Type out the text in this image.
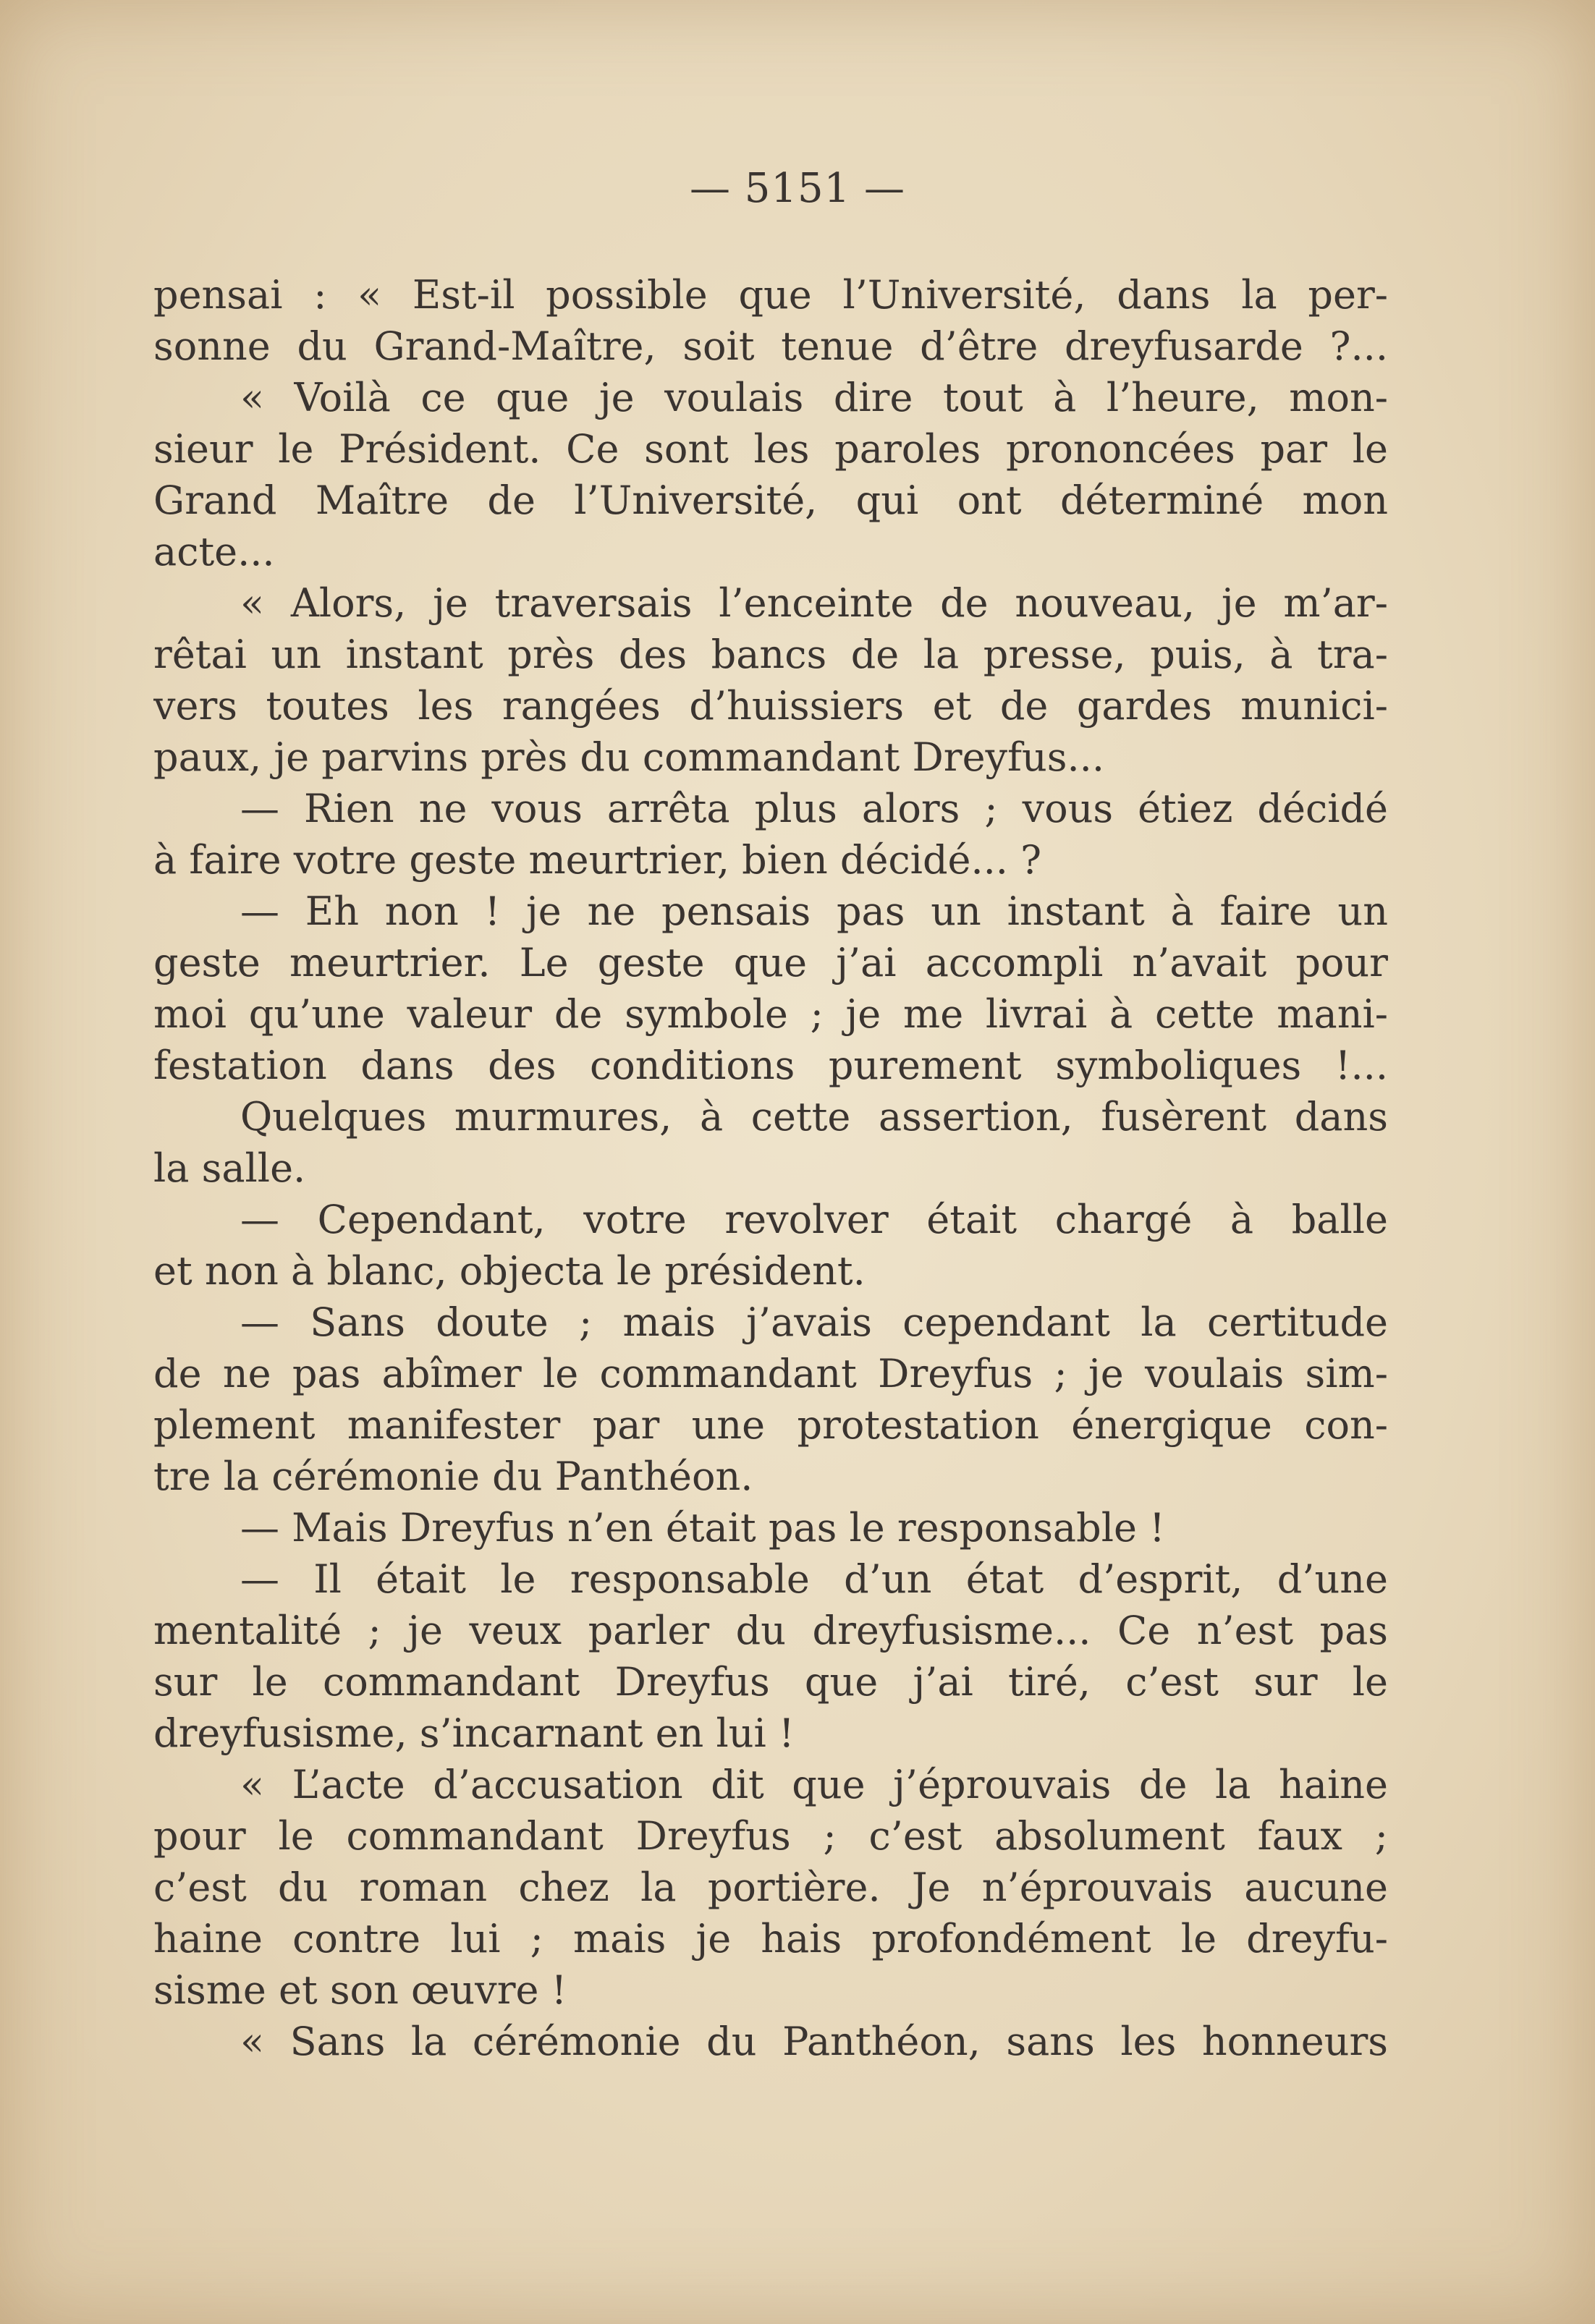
— 5151 —
pensai : « Est-il possible que l’Université, dans la per-
sonne du Grand-Maître, soit tenue d’être dreyfusarde ?...
« Voilà ce que je voulais dire tout à l’heure, mon-
sieur le Président. Ce sont les paroles prononcées par le
Grand Maître de l’Université, qui ont déterminé mon
acte...
« Alors, je traversais l’enceinte de nouveau, je m’ar-
rêtai un instant près des bancs de la presse, puis, à tra-
vers toutes les rangées d’huissiers et de gardes munici-
paux, je parvins près du commandant Dreyfus...
— Rien ne vous arrêta plus alors ; vous étiez décidé
à faire votre geste meurtrier, bien décidé... ?
— Eh non ! je ne pensais pas un instant à faire un
geste meurtrier. Le geste que j’ai accompli n’avait pour
moi qu’une valeur de symbole ; je me livrai à cette mani-
festation dans des conditions purement symboliques !...
Quelques murmures, à cette assertion, fusèrent dans
la salle.
— Cependant, votre revolver était chargé à balle
et non à blanc, objecta le président.
— Sans doute ; mais j’avais cependant la certitude
de ne pas abîmer le commandant Dreyfus ; je voulais sim-
plement manifester par une protestation énergique con-
tre la cérémonie du Panthéon.
— Mais Dreyfus n’en était pas le responsable !
— Il était le responsable d’un état d’esprit, d’une
mentalité ; je veux parler du dreyfusisme... Ce n’est pas
sur le commandant Dreyfus que j’ai tiré, c’est sur le
dreyfusisme, s’incarnant en lui !
« L’acte d’accusation dit que j’éprouvais de la haine
pour le commandant Dreyfus ; c’est absolument faux ;
c’est du roman chez la portière. Je n’éprouvais aucune
haine contre lui ; mais je hais profondément le dreyfu-
sisme et son œuvre !
« Sans la cérémonie du Panthéon, sans les honneurs
